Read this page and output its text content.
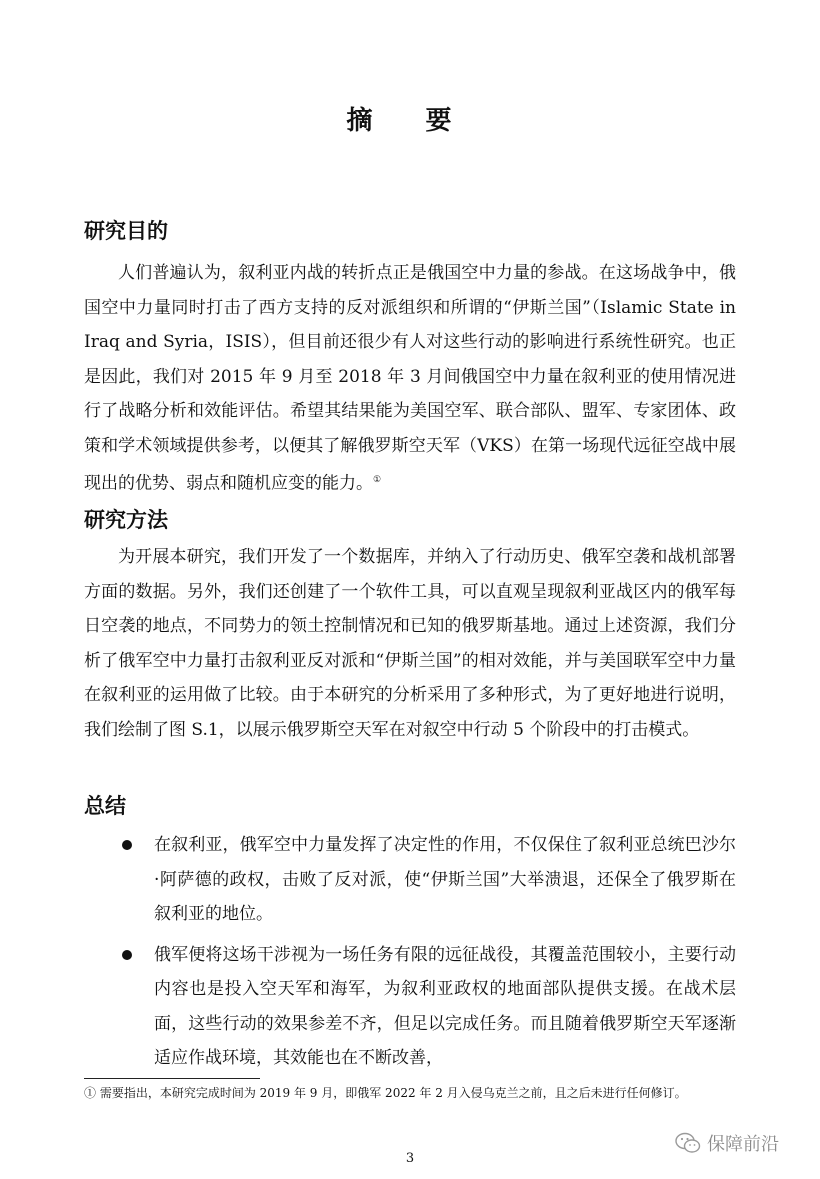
摘 要
研究目的

人们普遍认为，叙利亚内战的转折点正是俄国空中力量的参战。在这场战争中，俄国空中力量同时打击了西方支持的反对派组织和所谓的“伊斯兰国”（Islamic State in Iraq and Syria，ISIS），但目前还很少有人对这些行动的影响进行系统性研究。也正是因此，我们对 2015 年 9 月至 2018 年 3 月间俄国空中力量在叙利亚的使用情况进行了战略分析和效能评估。希望其结果能为美国空军、联合部队、盟军、专家团体、政策和学术领域提供参考，以便其了解俄罗斯空天军（VKS）在第一场现代远征空战中展现出的优势、弱点和随机应变的能力。①

研究方法

为开展本研究，我们开发了一个数据库，并纳入了行动历史、俄军空袭和战机部署方面的数据。另外，我们还创建了一个软件工具，可以直观呈现叙利亚战区内的俄军每日空袭的地点，不同势力的领土控制情况和已知的俄罗斯基地。通过上述资源，我们分析了俄军空中力量打击叙利亚反对派和“伊斯兰国”的相对效能，并与美国联军空中力量在叙利亚的运用做了比较。由于本研究的分析采用了多种形式，为了更好地进行说明，我们绘制了图 S.1，以展示俄罗斯空天军在对叙空中行动 5 个阶段中的打击模式。

总结
在叙利亚，俄军空中力量发挥了决定性的作用，不仅保住了叙利亚总统巴沙尔·阿萨德的政权，击败了反对派，使“伊斯兰国”大举溃退，还保全了俄罗斯在叙利亚的地位。
俄军便将这场干涉视为一场任务有限的远征战役，其覆盖范围较小，主要行动内容也是投入空天军和海军，为叙利亚政权的地面部队提供支援。在战术层面，这些行动的效果参差不齐，但足以完成任务。而且随着俄罗斯空天军逐渐适应作战环境，其效能也在不断改善，
① 需要指出，本研究完成时间为 2019 年 9 月，即俄军 2022 年 2 月入侵乌克兰之前，且之后未进行任何修订。
3
保障前沿
